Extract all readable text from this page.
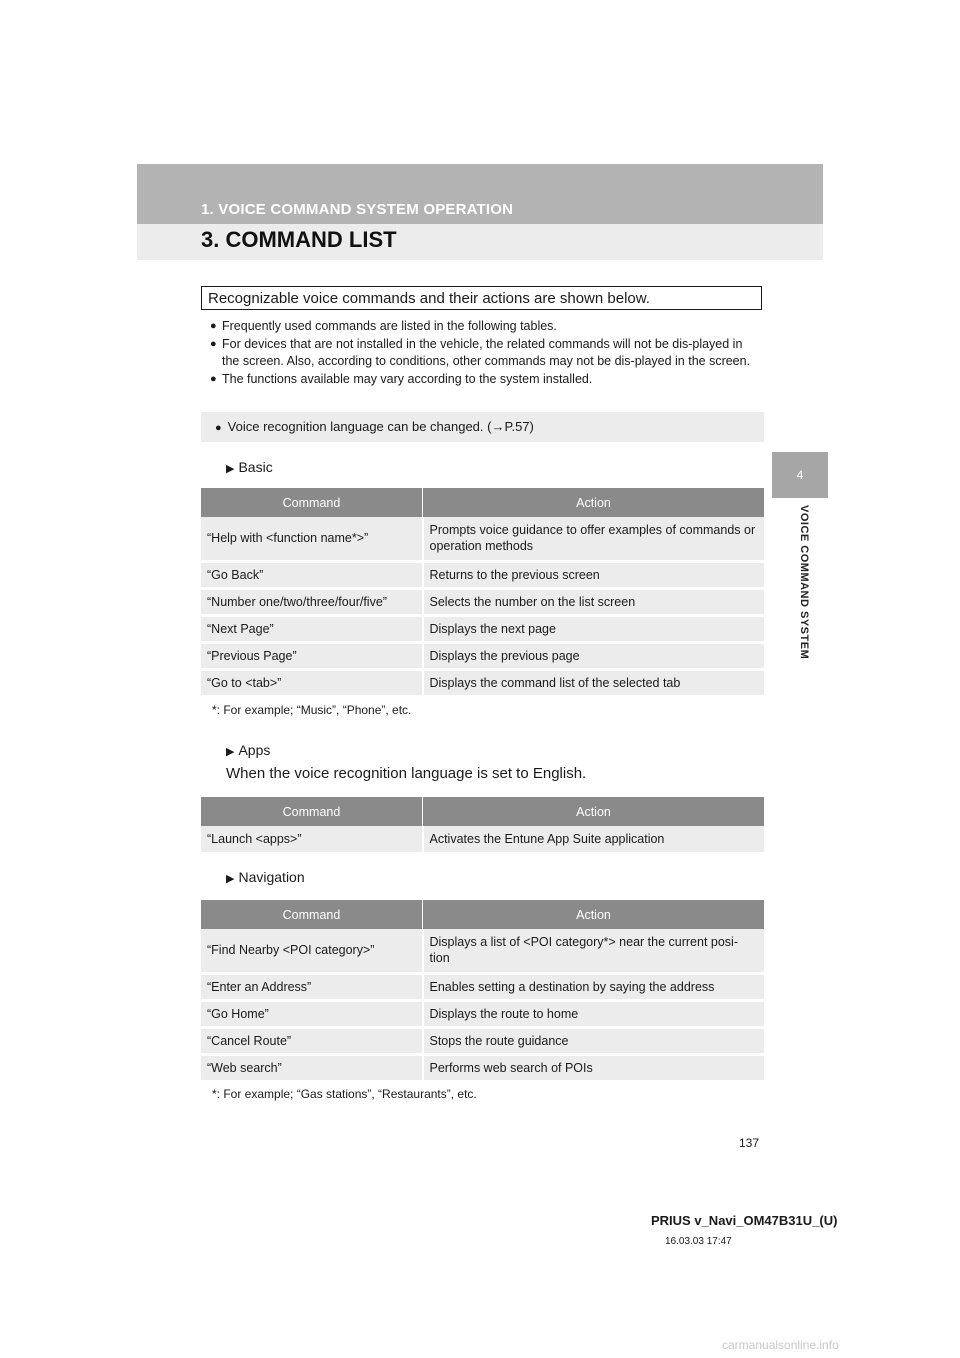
1. VOICE COMMAND SYSTEM OPERATION
3. COMMAND LIST
4
VOICE COMMAND SYSTEM
Recognizable voice commands and their actions are shown below.
● Frequently used commands are listed in the following tables.
● For devices that are not installed in the vehicle, the related commands will not be dis-played in the screen. Also, according to conditions, other commands may not be dis-played in the screen.
● The functions available may vary according to the system installed.
● Voice recognition language can be changed. (→P.57)
▶ Basic
Command	Action
“Help with <function name*>”	Prompts voice guidance to offer examples of commands or operation methods
“Go Back”	Returns to the previous screen
“Number one/two/three/four/five”	Selects the number on the list screen
“Next Page”	Displays the next page
“Previous Page”	Displays the previous page
“Go to <tab>”	Displays the command list of the selected tab
*: For example; “Music”, “Phone”, etc.
▶ Apps
When the voice recognition language is set to English.
Command	Action
“Launch <apps>”	Activates the Entune App Suite application
▶ Navigation
Command	Action
“Find Nearby <POI category>”	Displays a list of <POI category*> near the current posi-tion
“Enter an Address”	Enables setting a destination by saying the address
“Go Home”	Displays the route to home
“Cancel Route”	Stops the route guidance
“Web search”	Performs web search of POIs
*: For example; “Gas stations”, “Restaurants”, etc.
137
PRIUS v_Navi_OM47B31U_(U)
16.03.03 17:47
carmanualsonline.info
